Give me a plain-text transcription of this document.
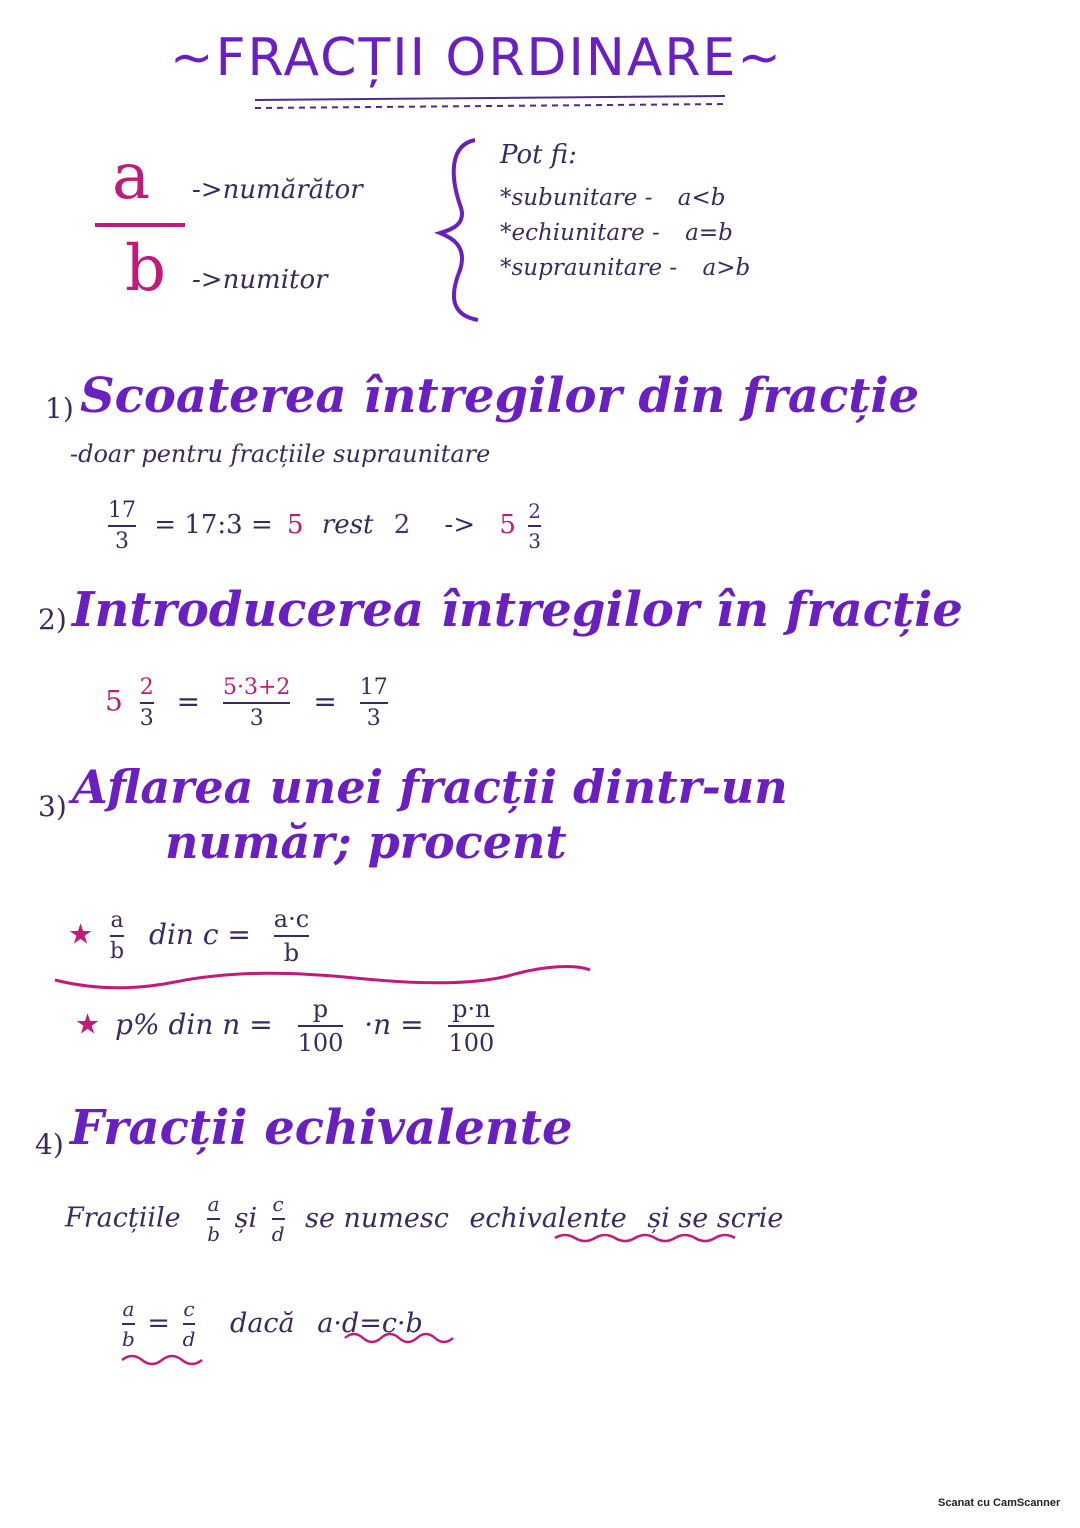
~FRACȚII ORDINARE~
a
b
->numărător
->numitor
Pot fi:
*subunitare - a<b
*echiunitare - a=b
*supraunitare - a>b
1) Scoaterea întregilor din fracție
-doar pentru fracțiile supraunitare
$\frac{17}{3}$ = 17:3 = 5 rest $2 -> 5 \frac{2}{3}$
2) Introducerea întregilor în fracție
$5 \frac{2}{3} = \frac{5\cdot 3+2}{3} = \frac{17}{3}$
3) Aflarea unei fracții dintr-un
număr; procent
★ $\frac{a}{b}$ din $c = \frac{a\cdot c}{b}$
★ p% din $n = \frac{p}{100} \cdot n = \frac{p\cdot n}{100}$
4) Fracții echivalente
Fracțiile $\frac{a}{b}$ și $\frac{c}{d}$ se numesc echivalente și se scrie
$\frac{a}{b} = \frac{c}{d}$ dacă a·d=c·b
Scanat cu CamScanner
